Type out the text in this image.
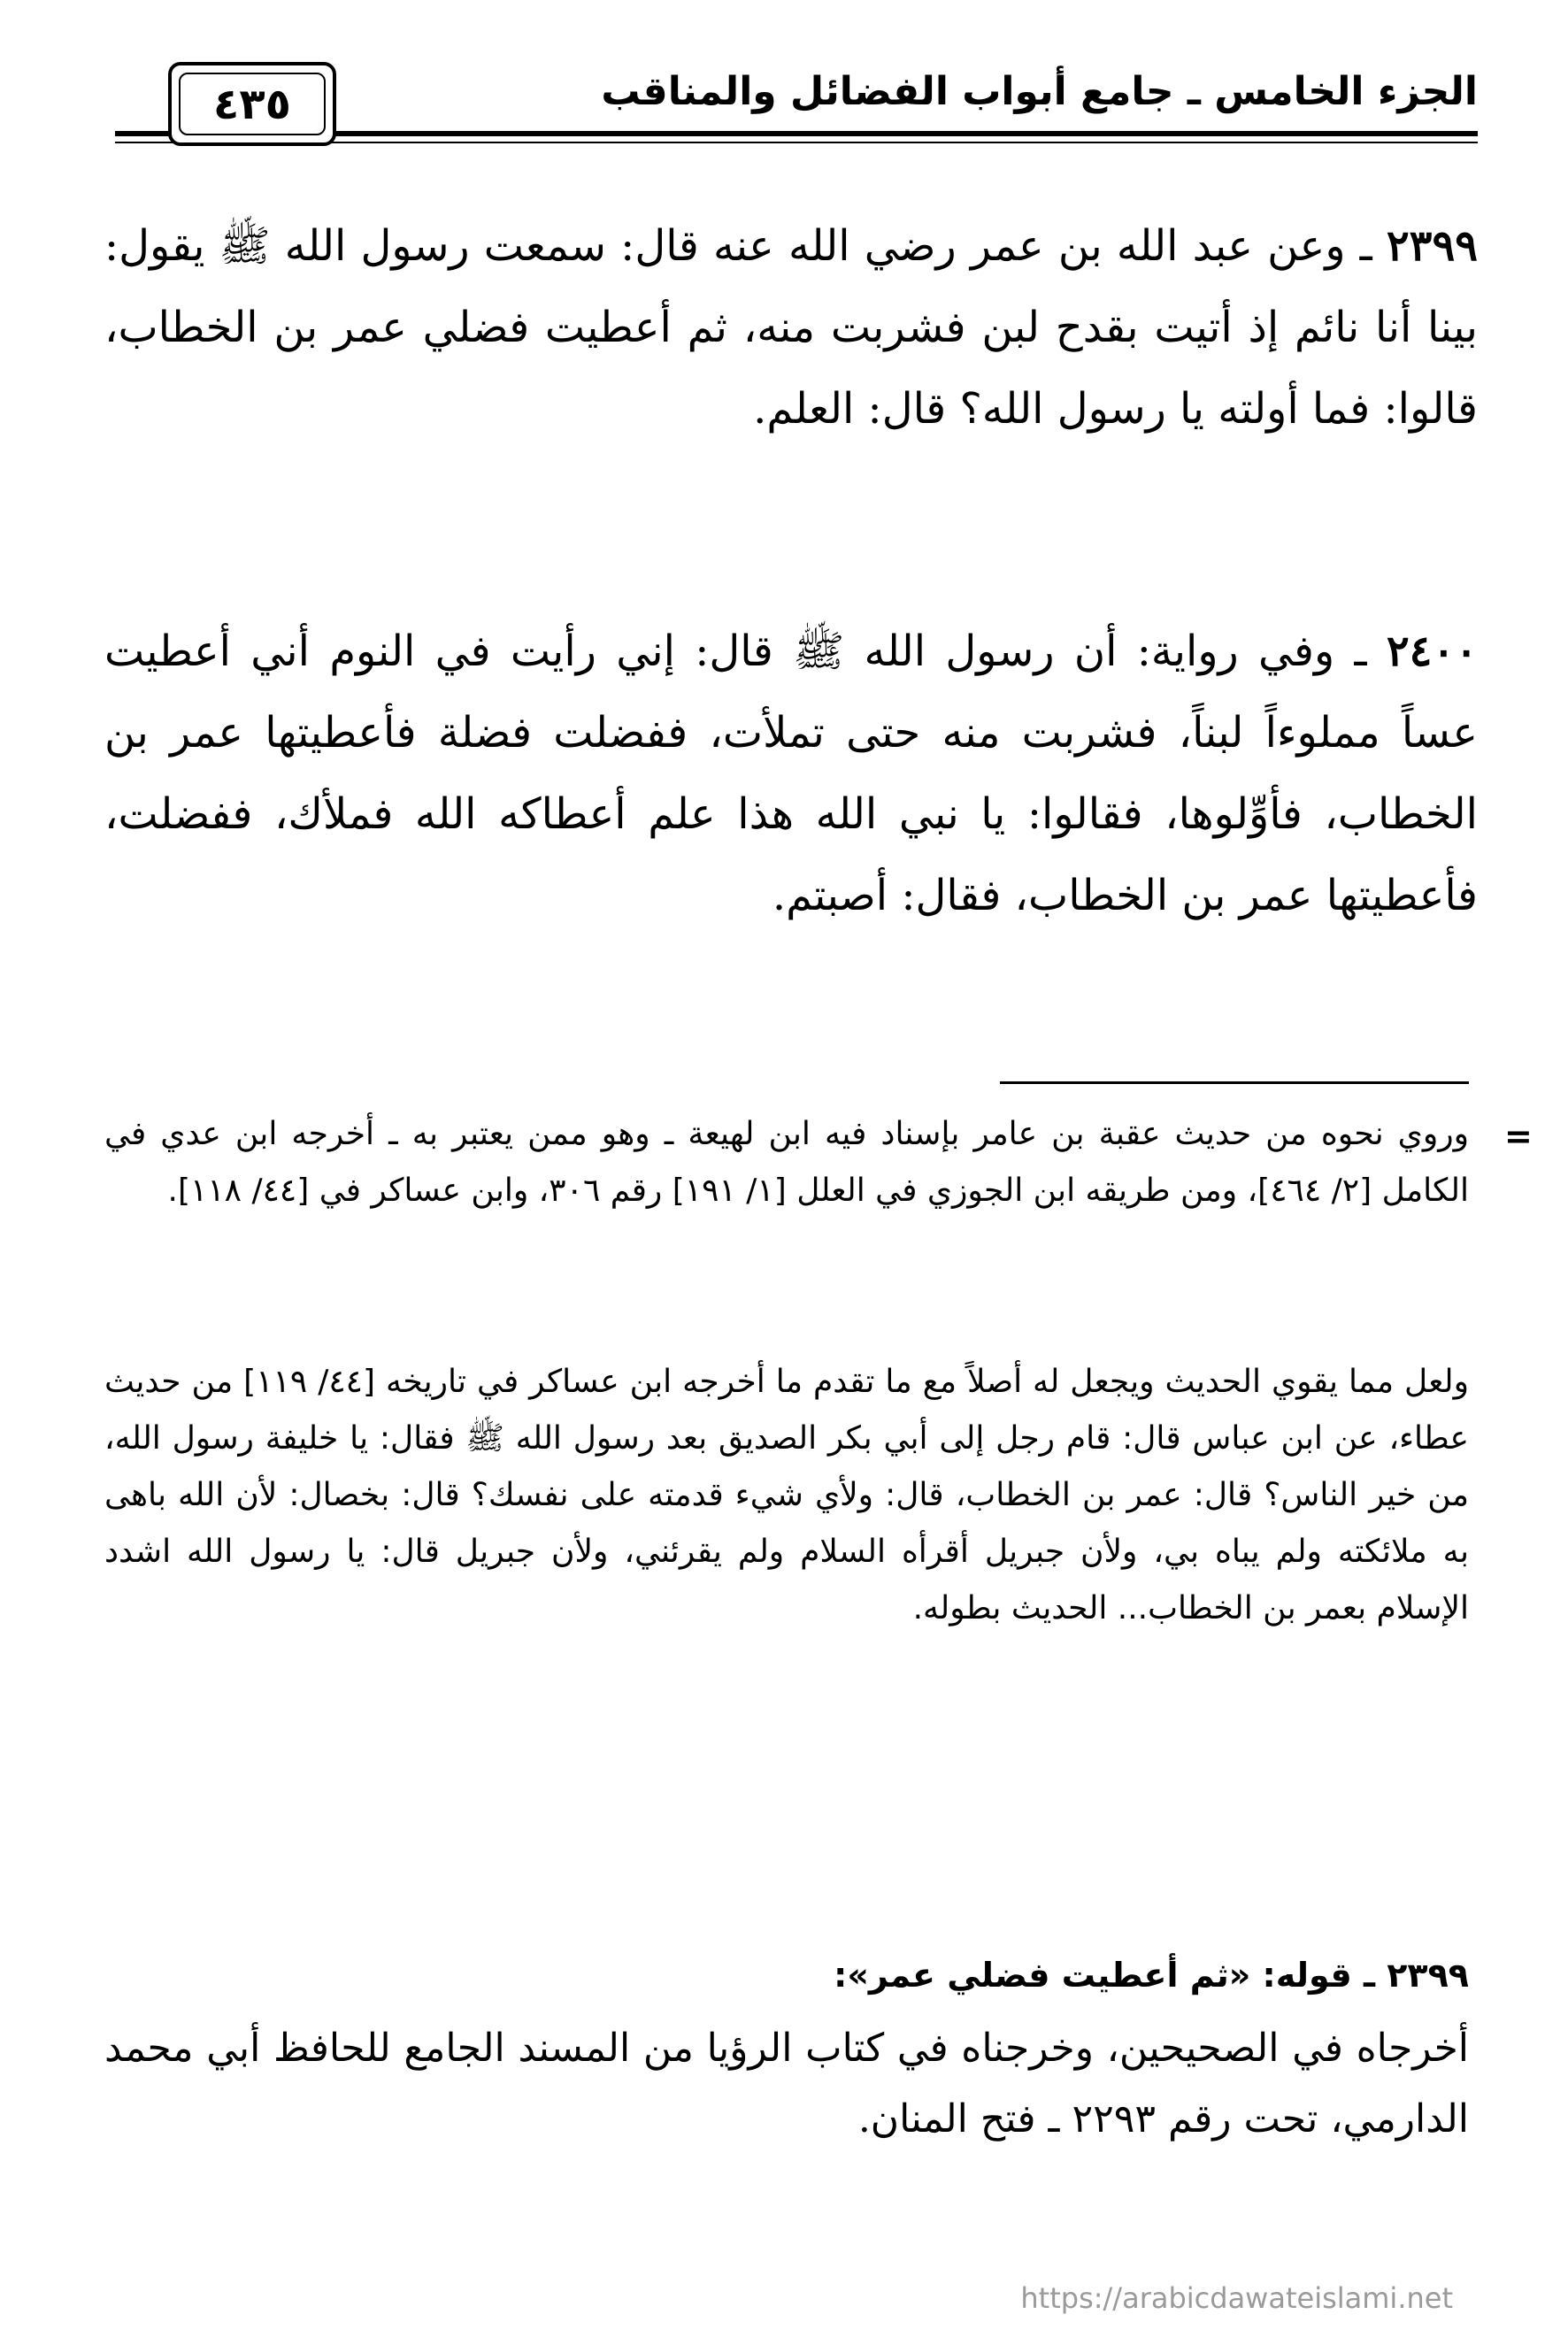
الجزء الخامس ـ جامع أبواب الفضائل والمناقب
٤٣٥

٢٣٩٩ ـ وعن عبد الله بن عمر رضي الله عنه قال: سمعت رسول الله ﷺ يقول: بينا أنا نائم إذ أتيت بقدح لبن فشربت منه، ثم أعطيت فضلي عمر بن الخطاب، قالوا: فما أولته يا رسول الله؟ قال: العلم.

٢٤٠٠ ـ وفي رواية: أن رسول الله ﷺ قال: إني رأيت في النوم أني أعطيت عساً مملوءاً لبناً، فشربت منه حتى تملأت، ففضلت فضلة فأعطيتها عمر بن الخطاب، فأوِّلوها، فقالوا: يا نبي الله هذا علم أعطاكه الله فملأك، ففضلت، فأعطيتها عمر بن الخطاب، فقال: أصبتم.

=

وروي نحوه من حديث عقبة بن عامر بإسناد فيه ابن لهيعة ـ وهو ممن يعتبر به ـ أخرجه ابن عدي في الكامل [٢/ ٤٦٤]، ومن طريقه ابن الجوزي في العلل [١/ ١٩١] رقم ٣٠٦، وابن عساكر في [٤٤/ ١١٨].

ولعل مما يقوي الحديث ويجعل له أصلاً مع ما تقدم ما أخرجه ابن عساكر في تاريخه [٤٤/ ١١٩] من حديث عطاء، عن ابن عباس قال: قام رجل إلى أبي بكر الصديق بعد رسول الله ﷺ فقال: يا خليفة رسول الله، من خير الناس؟ قال: عمر بن الخطاب، قال: ولأي شيء قدمته على نفسك؟ قال: بخصال: لأن الله باهى به ملائكته ولم يباه بي، ولأن جبريل أقرأه السلام ولم يقرئني، ولأن جبريل قال: يا رسول الله اشدد الإسلام بعمر بن الخطاب... الحديث بطوله.

٢٣٩٩ ـ قوله: «ثم أعطيت فضلي عمر»:

أخرجاه في الصحيحين، وخرجناه في كتاب الرؤيا من المسند الجامع للحافظ أبي محمد الدارمي، تحت رقم ٢٢٩٣ ـ فتح المنان.

https://arabicdawateislami.net
